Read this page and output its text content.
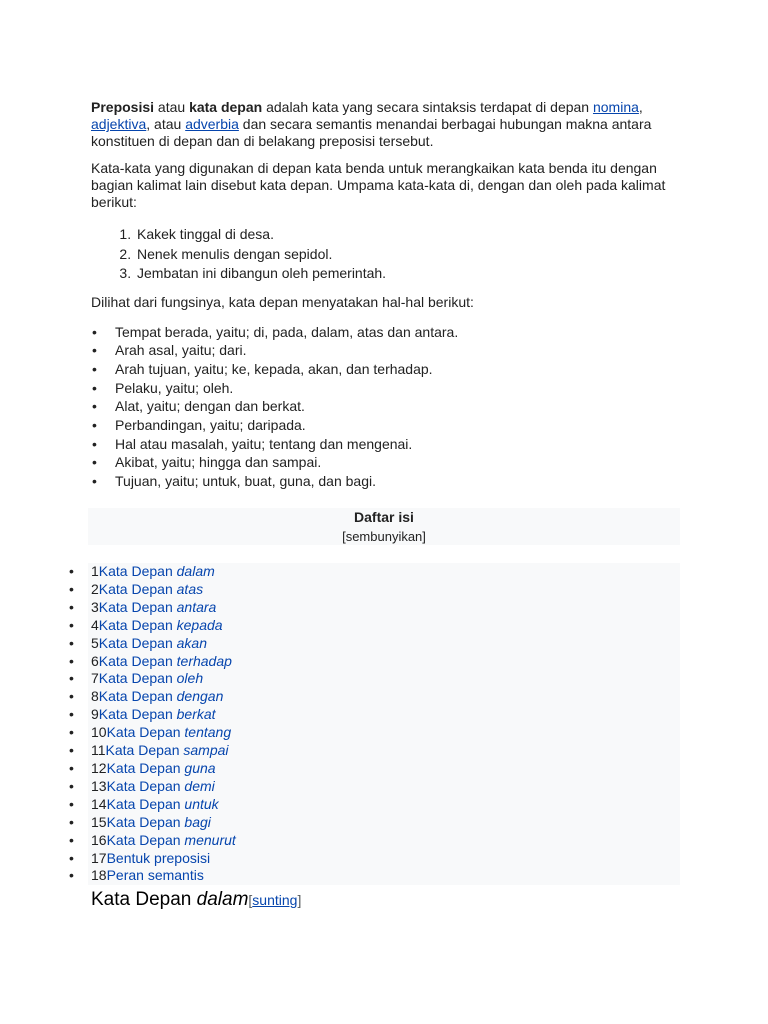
Preposisi atau kata depan adalah kata yang secara sintaksis terdapat di depan nomina, adjektiva, atau adverbia dan secara semantis menandai berbagai hubungan makna antara konstituen di depan dan di belakang preposisi tersebut.

Kata-kata yang digunakan di depan kata benda untuk merangkaikan kata benda itu dengan bagian kalimat lain disebut kata depan. Umpama kata-kata di, dengan dan oleh pada kalimat berikut:

1. Kakek tinggal di desa.
2. Nenek menulis dengan sepidol.
3. Jembatan ini dibangun oleh pemerintah.

Dilihat dari fungsinya, kata depan menyatakan hal-hal berikut:

• Tempat berada, yaitu; di, pada, dalam, atas dan antara.
• Arah asal, yaitu; dari.
• Arah tujuan, yaitu; ke, kepada, akan, dan terhadap.
• Pelaku, yaitu; oleh.
• Alat, yaitu; dengan dan berkat.
• Perbandingan, yaitu; daripada.
• Hal atau masalah, yaitu; tentang dan mengenai.
• Akibat, yaitu; hingga dan sampai.
• Tujuan, yaitu; untuk, buat, guna, dan bagi.
Daftar isi
[sembunyikan]
• 1Kata Depan dalam
• 2Kata Depan atas
• 3Kata Depan antara
• 4Kata Depan kepada
• 5Kata Depan akan
• 6Kata Depan terhadap
• 7Kata Depan oleh
• 8Kata Depan dengan
• 9Kata Depan berkat
• 10Kata Depan tentang
• 11Kata Depan sampai
• 12Kata Depan guna
• 13Kata Depan demi
• 14Kata Depan untuk
• 15Kata Depan bagi
• 16Kata Depan menurut
• 17Bentuk preposisi
• 18Peran semantis
Kata Depan dalam[sunting]
